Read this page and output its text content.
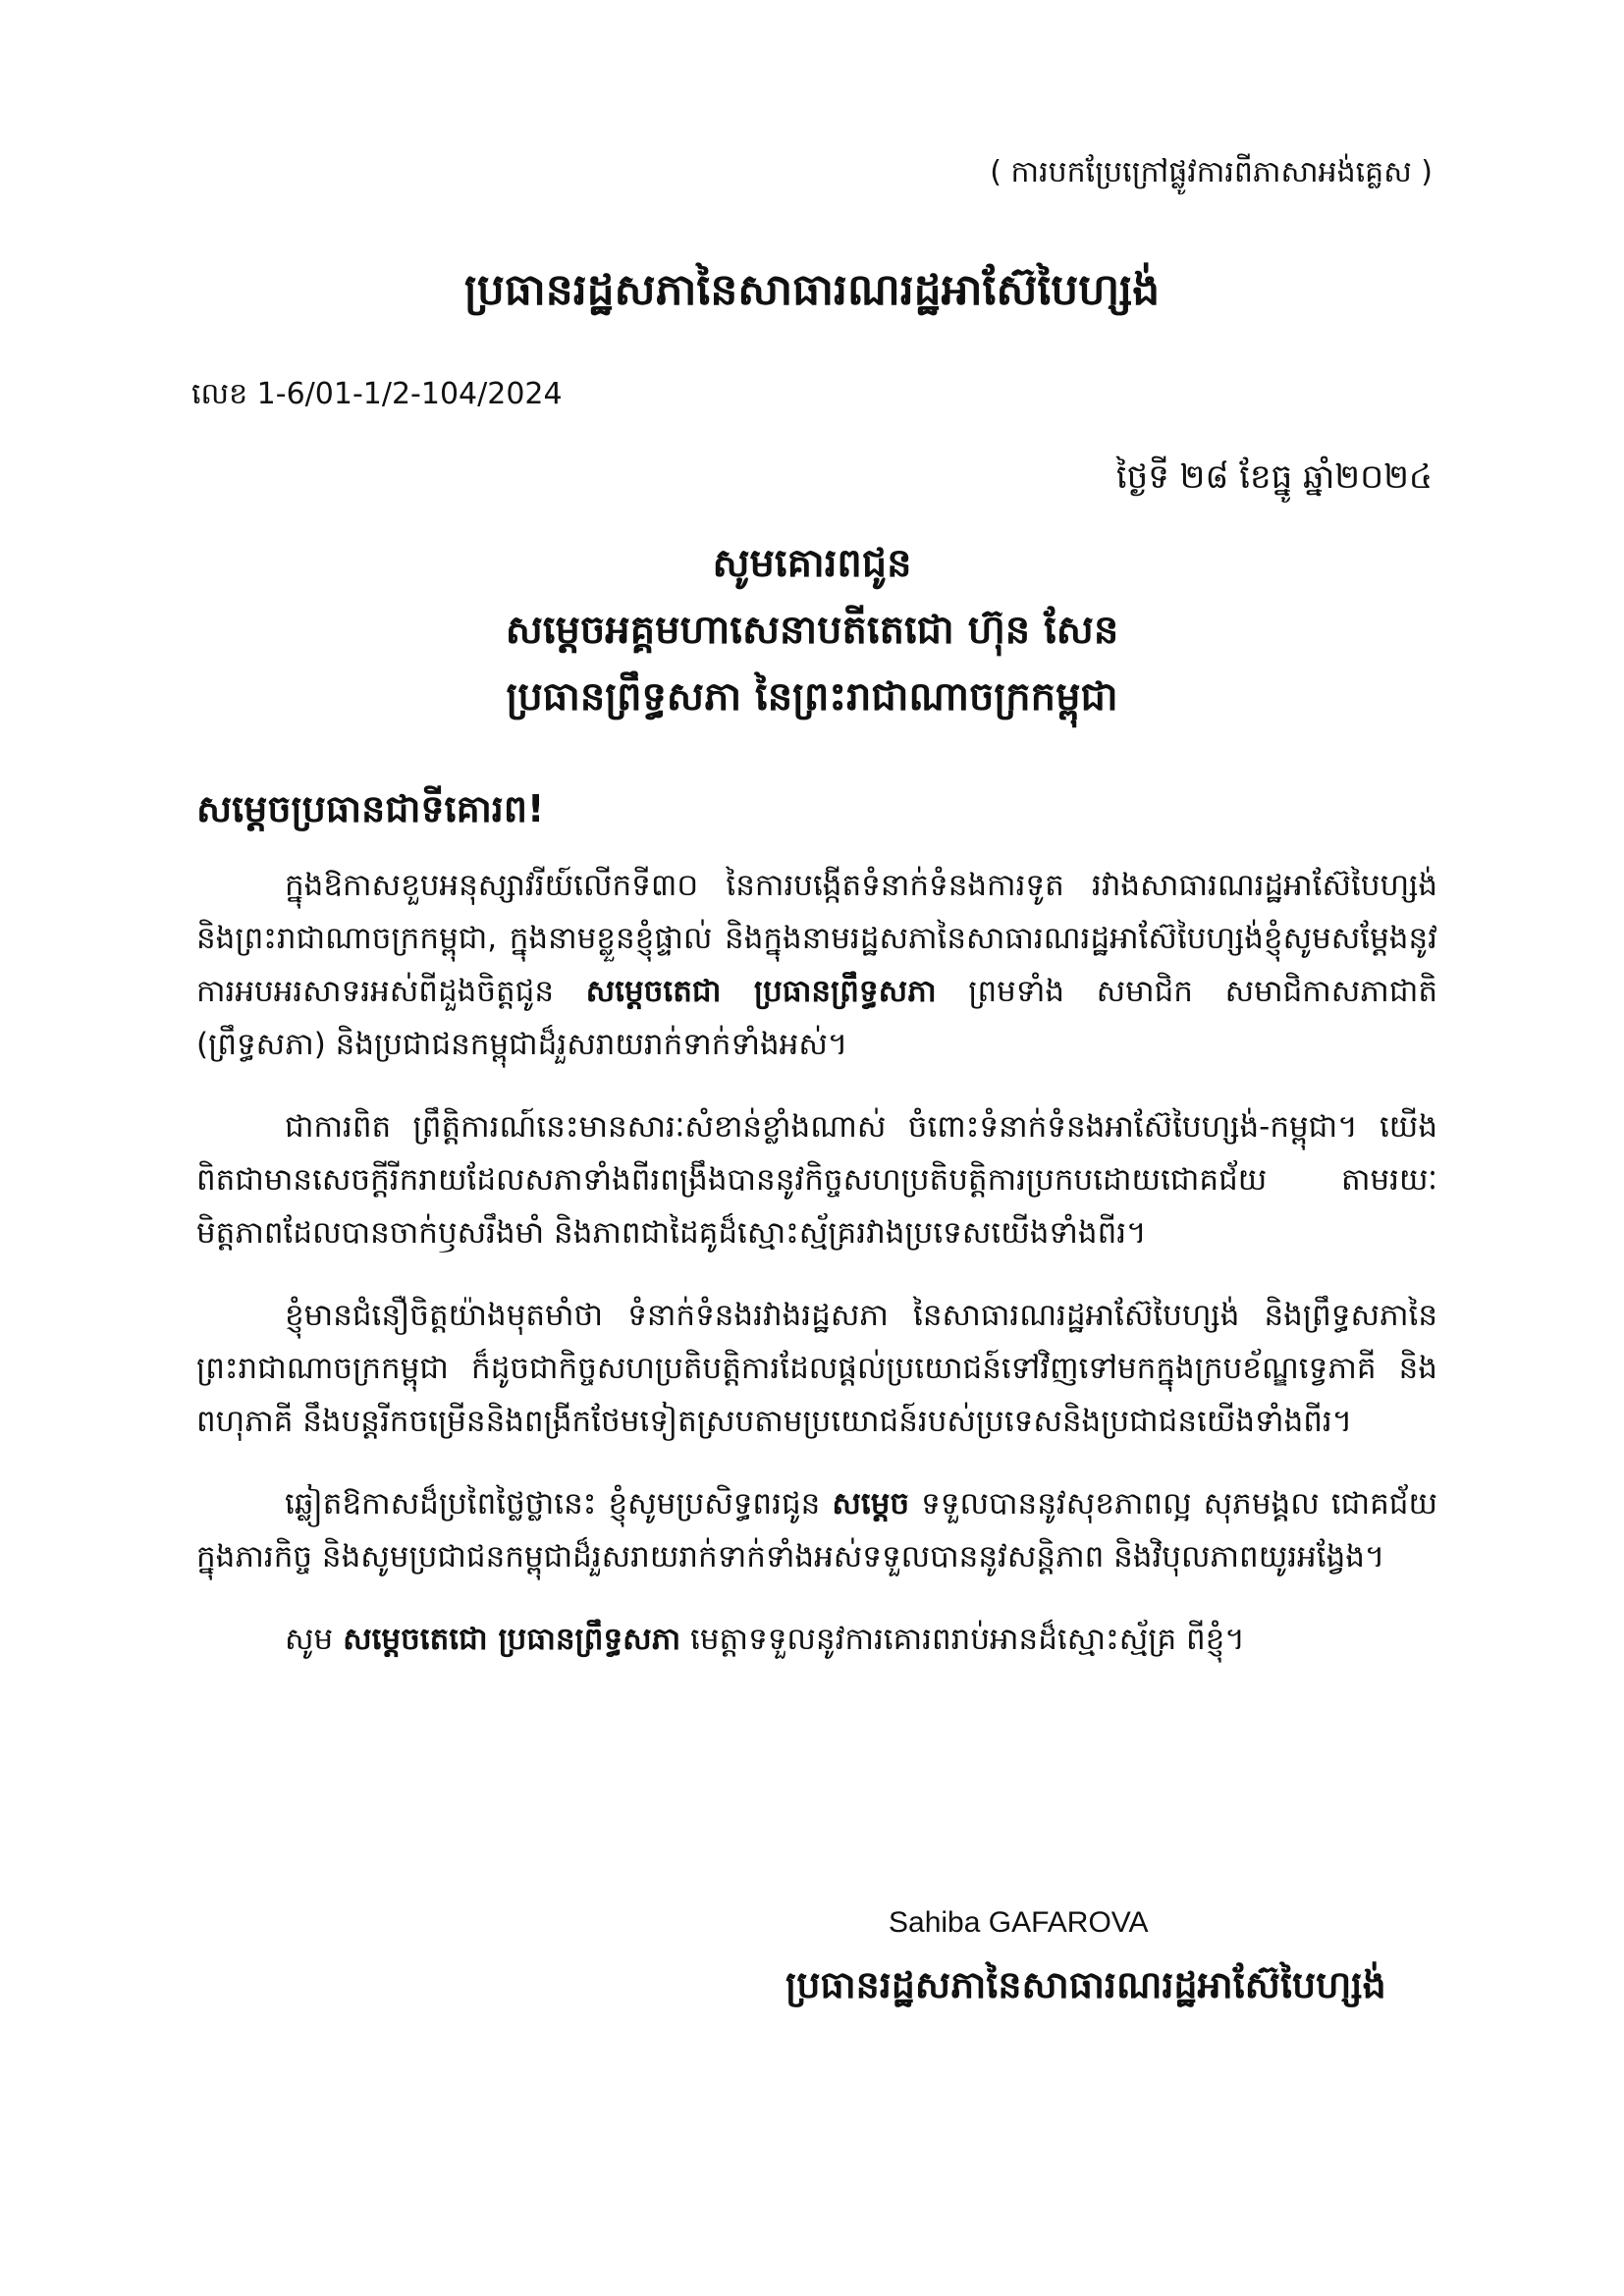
( ការបកប្រែក្រៅផ្លូវការពីភាសាអង់គ្លេស )
ប្រធានរដ្ឋសភានៃសាធារណរដ្ឋអាស៊ែបៃហ្សង់
លេខ 1-6/01-1/2-104/2024
ថ្ងៃទី ២៨ ខែធ្នូ ឆ្នាំ២០២៤
សូមគោរពជូន
សម្តេចអគ្គមហាសេនាបតីតេជោ ហ៊ុន សែន
ប្រធានព្រឹទ្ធសភា នៃព្រះរាជាណាចក្រកម្ពុជា
សម្តេចប្រធានជាទីគោរព!

ក្នុងឱកាសខួបអនុស្សាវរីយ៍លើកទី៣០ នៃការបង្កើតទំនាក់ទំនងការទូត រវាងសាធារណរដ្ឋអាស៊ែបៃហ្សង់ និងព្រះរាជាណាចក្រកម្ពុជា, ក្នុងនាមខ្លួនខ្ញុំផ្ទាល់ និងក្នុងនាមរដ្ឋសភានៃសាធារណរដ្ឋអាស៊ែបៃហ្សង់ខ្ញុំសូមសម្តែងនូវការអបអរសាទរអស់ពីដួងចិត្តជូន សម្តេចតេជា ប្រធានព្រឹទ្ធសភា ព្រមទាំង សមាជិក សមាជិកាសភាជាតិ (ព្រឹទ្ធសភា) និងប្រជាជនកម្ពុជាដ៏រួសរាយរាក់ទាក់ទាំងអស់។

ជាការពិត ព្រឹត្តិការណ៍នេះមានសារៈសំខាន់ខ្លាំងណាស់ ចំពោះទំនាក់ទំនងអាស៊ែបៃហ្សង់-កម្ពុជា។ យើងពិតជាមានសេចក្តីរីករាយដែលសភាទាំងពីរពង្រឹងបាននូវកិច្ចសហប្រតិបត្តិការប្រកបដោយជោគជ័យ តាមរយៈមិត្តភាពដែលបានចាក់ឫសរឹងមាំ និងភាពជាដៃគូដ៏ស្មោះស្ម័គ្ររវាងប្រទេសយើងទាំងពីរ។

ខ្ញុំមានជំនឿចិត្តយ៉ាងមុតមាំថា ទំនាក់ទំនងរវាងរដ្ឋសភា នៃសាធារណរដ្ឋអាស៊ែបៃហ្សង់ និងព្រឹទ្ធសភានៃព្រះរាជាណាចក្រកម្ពុជា ក៏ដូចជាកិច្ចសហប្រតិបត្តិការដែលផ្តល់ប្រយោជន៍ទៅវិញទៅមកក្នុងក្របខ័ណ្ឌទ្វេភាគី និងពហុភាគី នឹងបន្តរីកចម្រើននិងពង្រីកថែមទៀតស្របតាមប្រយោជន៍របស់ប្រទេសនិងប្រជាជនយើងទាំងពីរ។

ឆ្លៀតឱកាសដ៏ប្រពៃថ្លៃថ្លានេះ ខ្ញុំសូមប្រសិទ្ធពរជូន សម្តេច ទទួលបាននូវសុខភាពល្អ សុភមង្គល ជោគជ័យក្នុងភារកិច្ច និងសូមប្រជាជនកម្ពុជាដ៏រួសរាយរាក់ទាក់ទាំងអស់ទទួលបាននូវសន្តិភាព និងវិបុលភាពយូរអង្វែង។

សូម សម្តេចតេជោ ប្រធានព្រឹទ្ធសភា មេត្តាទទួលនូវការគោរពរាប់អានដ៏ស្មោះស្ម័គ្រ ពីខ្ញុំ។

Sahiba GAFAROVA
ប្រធានរដ្ឋសភានៃសាធារណរដ្ឋអាស៊ែបៃហ្សង់
